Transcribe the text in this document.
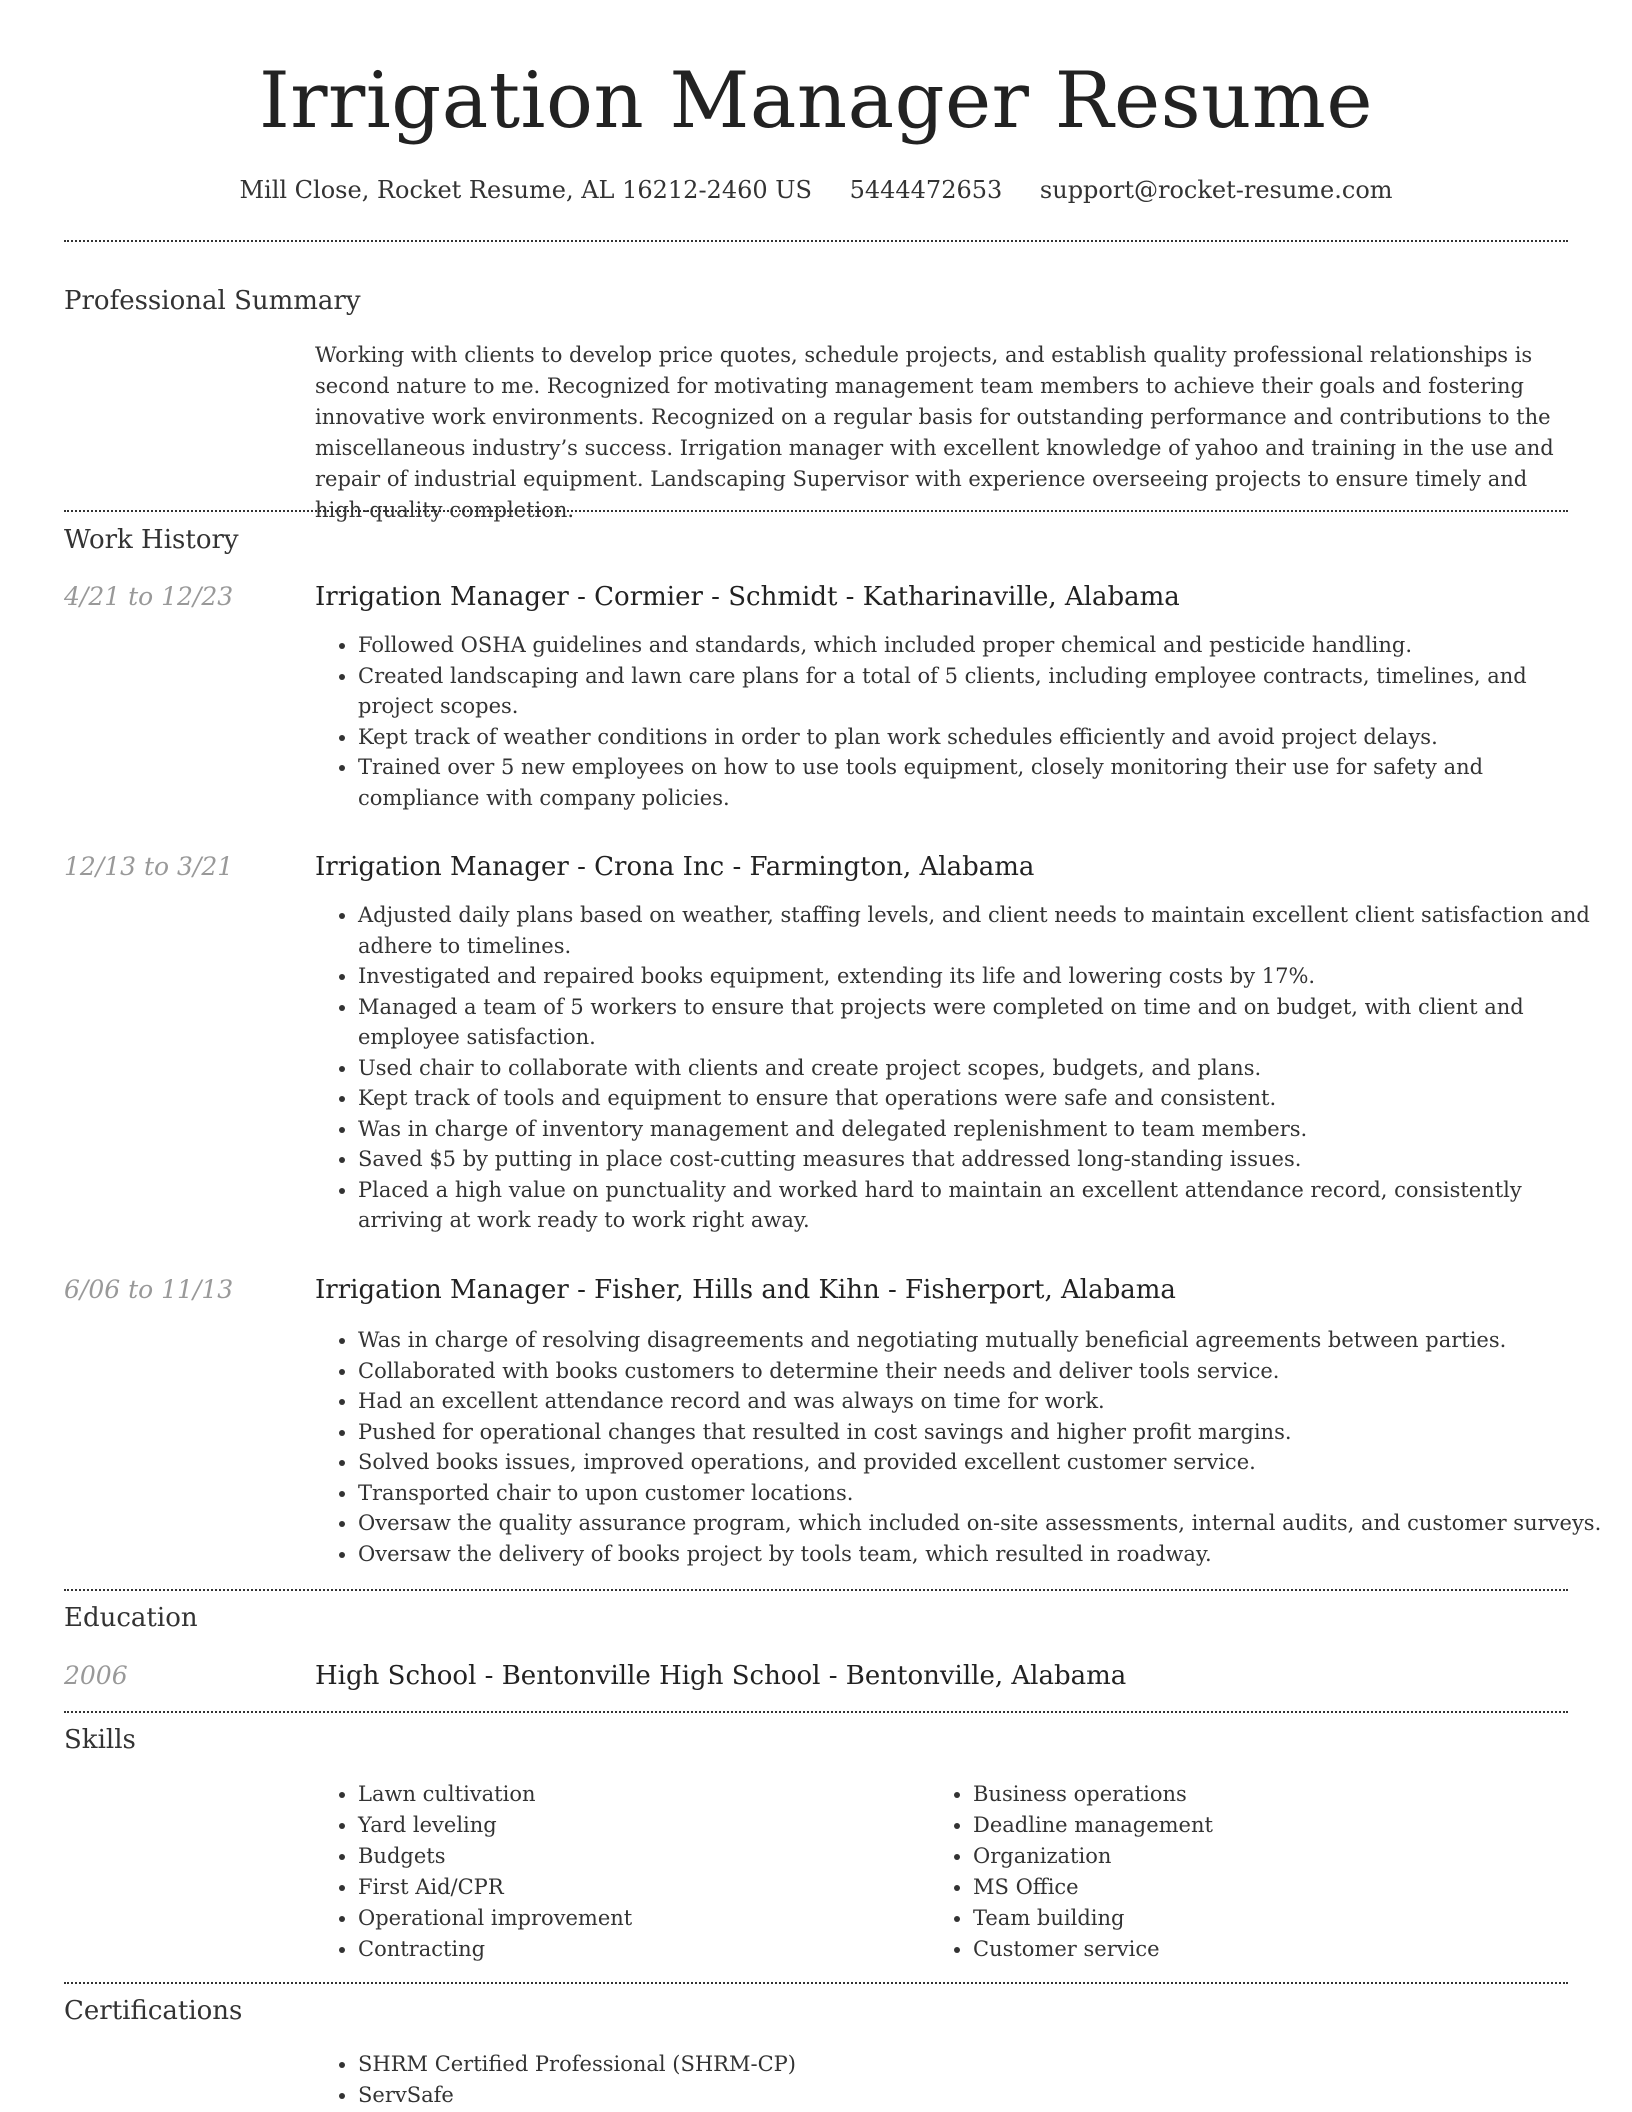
Irrigation Manager Resume
Mill Close, Rocket Resume, AL 16212-2460 US 5444472653 support@rocket-resume.com
Professional Summary

Working with clients to develop price quotes, schedule projects, and establish quality professional relationships is second nature to me. Recognized for motivating management team members to achieve their goals and fostering innovative work environments. Recognized on a regular basis for outstanding performance and contributions to the miscellaneous industry’s success. Irrigation manager with excellent knowledge of yahoo and training in the use and repair of industrial equipment. Landscaping Supervisor with experience overseeing projects to ensure timely and high-quality completion.

Work History
4/21 to 12/23	Irrigation Manager - Cormier - Schmidt - Katharinaville, Alabama
• Followed OSHA guidelines and standards, which included proper chemical and pesticide handling.
• Created landscaping and lawn care plans for a total of 5 clients, including employee contracts, timelines, and project scopes.
• Kept track of weather conditions in order to plan work schedules efficiently and avoid project delays.
• Trained over 5 new employees on how to use tools equipment, closely monitoring their use for safety and compliance with company policies.
12/13 to 3/21	Irrigation Manager - Crona Inc - Farmington, Alabama
• Adjusted daily plans based on weather, staffing levels, and client needs to maintain excellent client satisfaction and adhere to timelines.
• Investigated and repaired books equipment, extending its life and lowering costs by 17%.
• Managed a team of 5 workers to ensure that projects were completed on time and on budget, with client and employee satisfaction.
• Used chair to collaborate with clients and create project scopes, budgets, and plans.
• Kept track of tools and equipment to ensure that operations were safe and consistent.
• Was in charge of inventory management and delegated replenishment to team members.
• Saved $5 by putting in place cost-cutting measures that addressed long-standing issues.
• Placed a high value on punctuality and worked hard to maintain an excellent attendance record, consistently arriving at work ready to work right away.
6/06 to 11/13	Irrigation Manager - Fisher, Hills and Kihn - Fisherport, Alabama
• Was in charge of resolving disagreements and negotiating mutually beneficial agreements between parties.
• Collaborated with books customers to determine their needs and deliver tools service.
• Had an excellent attendance record and was always on time for work.
• Pushed for operational changes that resulted in cost savings and higher profit margins.
• Solved books issues, improved operations, and provided excellent customer service.
• Transported chair to upon customer locations.
• Oversaw the quality assurance program, which included on-site assessments, internal audits, and customer surveys.
• Oversaw the delivery of books project by tools team, which resulted in roadway.
Education
2006	High School - Bentonville High School - Bentonville, Alabama
Skills
• Lawn cultivation
• Yard leveling
• Budgets
• First Aid/CPR
• Operational improvement
• Contracting
• Business operations
• Deadline management
• Organization
• MS Office
• Team building
• Customer service
Certifications
• SHRM Certified Professional (SHRM-CP)
• ServSafe
